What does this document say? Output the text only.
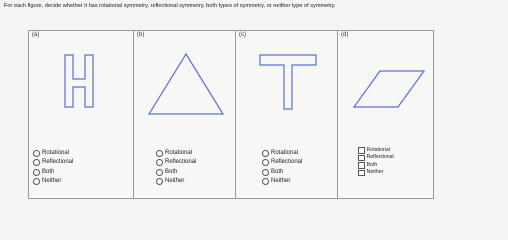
For each figure, decide whether it has rotational symmetry, reflectional symmetry, both types of symmetry, or neither type of symmetry.
(a)
Rotational
Reflectional
Both
Neither
(b)
Rotational
Reflectional
Both
Neither
(c)
Rotational
Reflectional
Both
Neither
(d)
Rotational
Reflectional
Both
Neither
